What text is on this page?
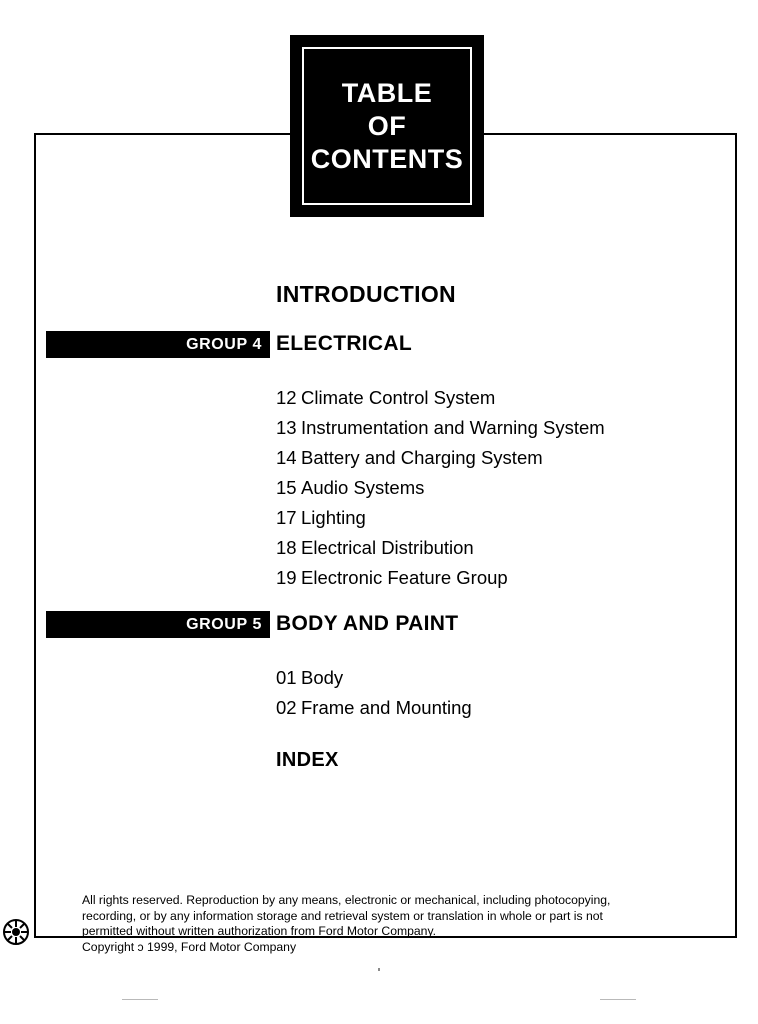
TABLE
OF
CONTENTS
INTRODUCTION
GROUP 4 ELECTRICAL
12 Climate Control System
13 Instrumentation and Warning System
14 Battery and Charging System
15 Audio Systems
17 Lighting
18 Electrical Distribution
19 Electronic Feature Group
GROUP 5 BODY AND PAINT
01 Body
02 Frame and Mounting
INDEX

All rights reserved. Reproduction by any means, electronic or mechanical, including photocopying,

recording, or by any information storage and retrieval system or translation in whole or part is not

permitted without written authorization from Ford Motor Company.

Copyright ɔ 1999, Ford Motor Company
